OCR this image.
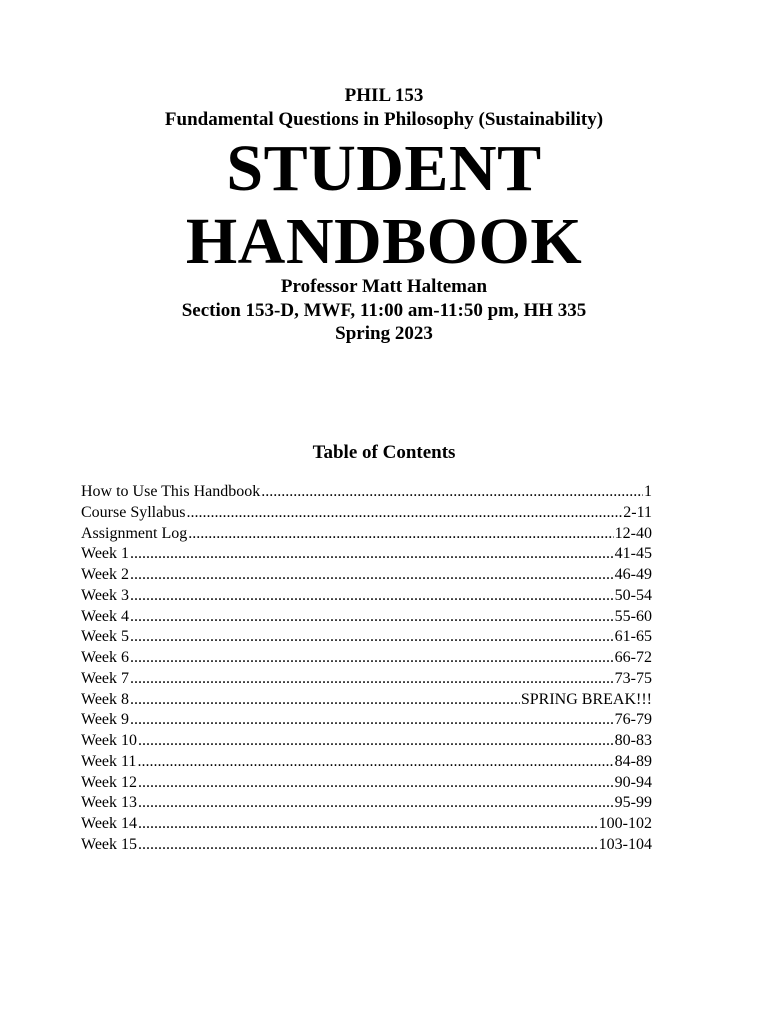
PHIL 153
Fundamental Questions in Philosophy (Sustainability)
STUDENT
HANDBOOK
Professor Matt Halteman
Section 153-D, MWF, 11:00 am-11:50 pm, HH 335
Spring 2023
Table of Contents
How to Use This Handbook .....	1
Course Syllabus .....	2-11
Assignment Log .....	12-40
Week 1 .....	41-45
Week 2 .....	46-49
Week 3 .....	50-54
Week 4 .....	55-60
Week 5 .....	61-65
Week 6 .....	66-72
Week 7 .....	73-75
Week 8 .....	SPRING BREAK!!!
Week 9 .....	76-79
Week 10 .....	80-83
Week 11 .....	84-89
Week 12 .....	90-94
Week 13 .....	95-99
Week 14 .....	100-102
Week 15 .....	103-104
